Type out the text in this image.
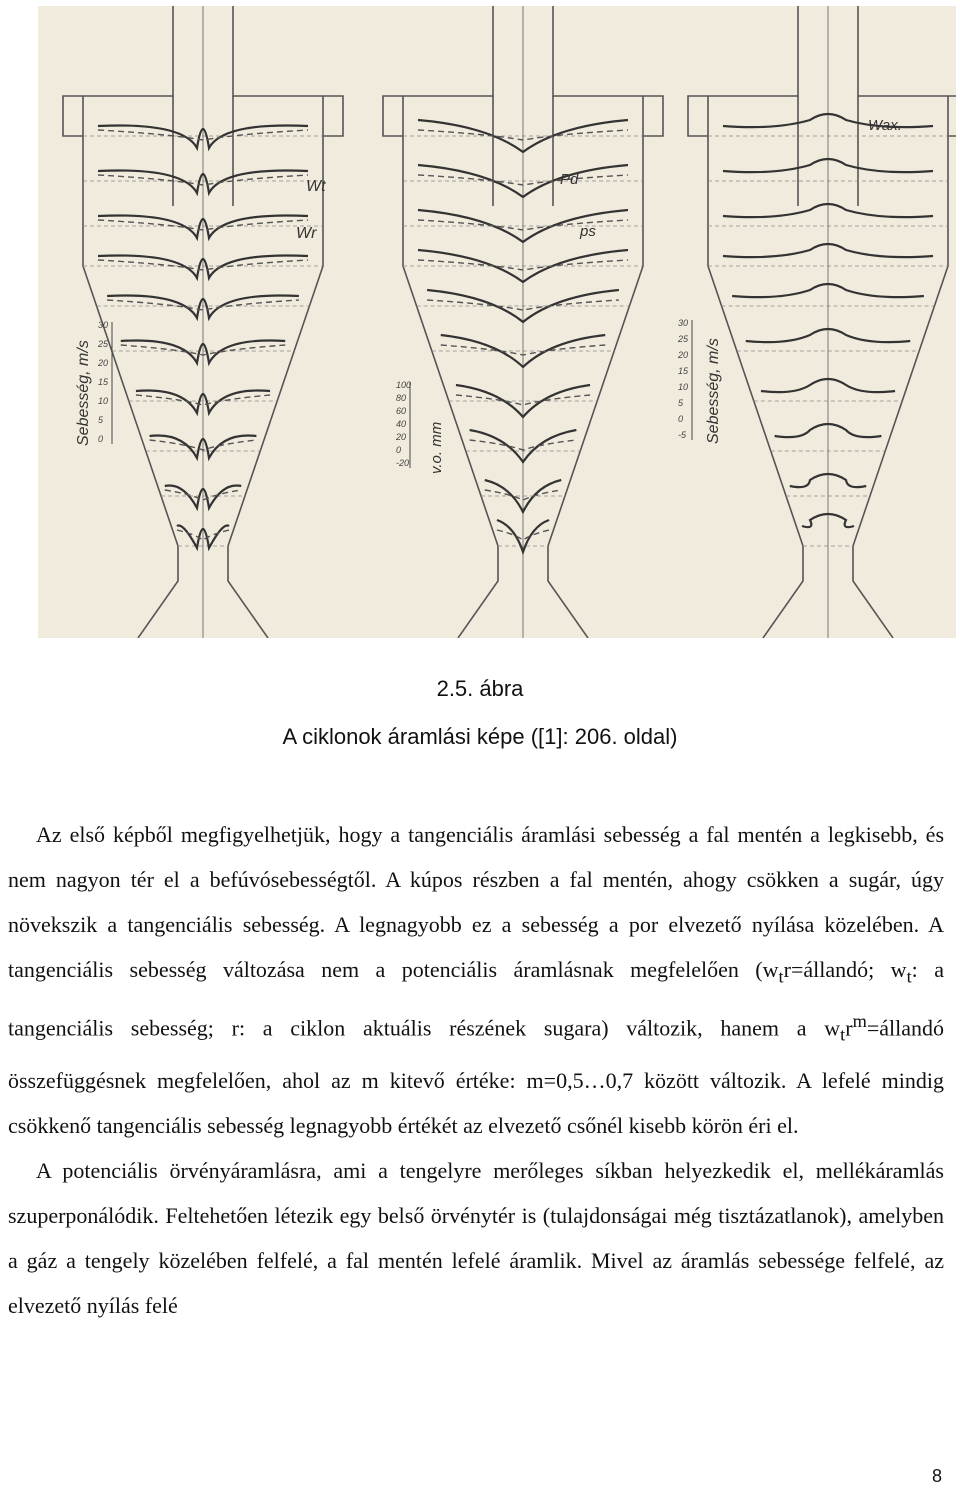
30
25
20
15
10
5
0
100
80
60
40
20
0
-20
30
25
20
15
10
5
0
-5
Wt
Wr
Pd
ps
Wax.
Sebesség, m/s
v.o. mm
Sebesség, m/s
2.5. ábra
A ciklonok áramlási képe ([1]: 206. oldal)

Az első képből megfigyelhetjük, hogy a tangenciális áramlási sebesség a fal mentén a legkisebb, és nem nagyon tér el a befúvósebességtől. A kúpos részben a fal mentén, ahogy csökken a sugár, úgy növekszik a tangenciális sebesség. A legnagyobb ez a sebesség a por elvezető nyílása közelében. A tangenciális sebesség változása nem a potenciális áramlásnak megfelelően ($w_tr=állandó$; $w_t$: a tangenciális sebesség; r: a ciklon aktuális részének sugara) változik, hanem a $w_tr^m=állandó$ összefüggésnek megfelelően, ahol az m kitevő értéke: m=0,5…0,7 között változik. A lefelé mindig csökkenő tangenciális sebesség legnagyobb értékét az elvezető csőnél kisebb körön éri el.

A potenciális örvényáramlásra, ami a tengelyre merőleges síkban helyezkedik el, mellékáramlás szuperponálódik. Feltehetően létezik egy belső örvénytér is (tulajdonságai még tisztázatlanok), amelyben a gáz a tengely közelében felfelé, a fal mentén lefelé áramlik. Mivel az áramlás sebessége felfelé, az elvezető nyílás felé

8
